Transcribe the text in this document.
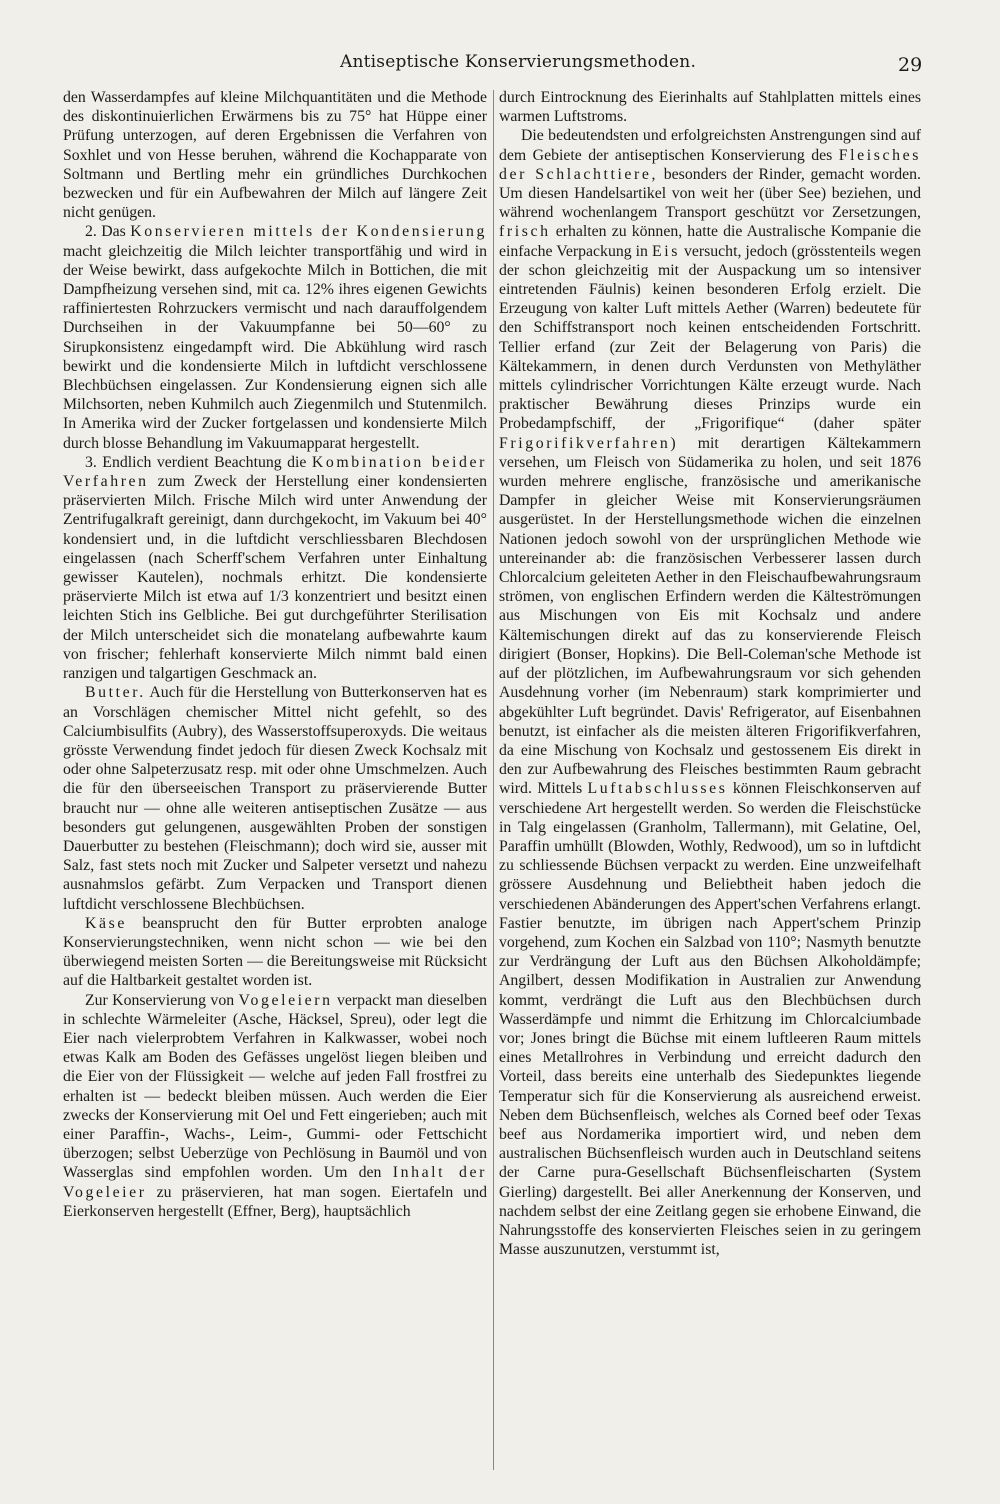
Antiseptische Konservierungsmethoden.	29

den Wasserdampfes auf kleine Milchquantitäten und die Methode des diskontinuierlichen Erwärmens bis zu 75° hat Hüppe einer Prüfung unterzogen, auf deren Ergebnissen die Verfahren von Soxhlet und von Hesse beruhen, während die Kochapparate von Soltmann und Bertling mehr ein gründliches Durchkochen bezwecken und für ein Aufbewahren der Milch auf längere Zeit nicht genügen.

2. Das Konservieren mittels der Kondensierung macht gleichzeitig die Milch leichter transportfähig und wird in der Weise bewirkt, dass aufgekochte Milch in Bottichen, die mit Dampfheizung versehen sind, mit ca. 12% ihres eigenen Gewichts raffiniertesten Rohrzuckers vermischt und nach darauffolgendem Durchseihen in der Vakuumpfanne bei 50—60° zu Sirupkonsistenz eingedampft wird. Die Abkühlung wird rasch bewirkt und die kondensierte Milch in luftdicht verschlossene Blechbüchsen eingelassen. Zur Kondensierung eignen sich alle Milchsorten, neben Kuhmilch auch Ziegenmilch und Stutenmilch. In Amerika wird der Zucker fortgelassen und kondensierte Milch durch blosse Behandlung im Vakuumapparat hergestellt.

3. Endlich verdient Beachtung die Kombination beider Verfahren zum Zweck der Herstellung einer kondensierten präservierten Milch. Frische Milch wird unter Anwendung der Zentrifugalkraft gereinigt, dann durchgekocht, im Vakuum bei 40° kondensiert und, in die luftdicht verschliessbaren Blechdosen eingelassen (nach Scherff'schem Verfahren unter Einhaltung gewisser Kautelen), nochmals erhitzt. Die kondensierte präservierte Milch ist etwa auf 1/3 konzentriert und besitzt einen leichten Stich ins Gelbliche. Bei gut durchgeführter Sterilisation der Milch unterscheidet sich die monatelang aufbewahrte kaum von frischer; fehlerhaft konservierte Milch nimmt bald einen ranzigen und talgartigen Geschmack an.

Butter. Auch für die Herstellung von Butterkonserven hat es an Vorschlägen chemischer Mittel nicht gefehlt, so des Calciumbisulfits (Aubry), des Wasserstoffsuperoxyds. Die weitaus grösste Verwendung findet jedoch für diesen Zweck Kochsalz mit oder ohne Salpeterzusatz resp. mit oder ohne Umschmelzen. Auch die für den überseeischen Transport zu präservierende Butter braucht nur — ohne alle weiteren antiseptischen Zusätze — aus besonders gut gelungenen, ausgewählten Proben der sonstigen Dauerbutter zu bestehen (Fleischmann); doch wird sie, ausser mit Salz, fast stets noch mit Zucker und Salpeter versetzt und nahezu ausnahmslos gefärbt. Zum Verpacken und Transport dienen luftdicht verschlossene Blechbüchsen.

Käse beansprucht den für Butter erprobten analoge Konservierungstechniken, wenn nicht schon — wie bei den überwiegend meisten Sorten — die Bereitungsweise mit Rücksicht auf die Haltbarkeit gestaltet worden ist.

Zur Konservierung von Vogeleiern verpackt man dieselben in schlechte Wärmeleiter (Asche, Häcksel, Spreu), oder legt die Eier nach vielerprobtem Verfahren in Kalkwasser, wobei noch etwas Kalk am Boden des Gefässes ungelöst liegen bleiben und die Eier von der Flüssigkeit — welche auf jeden Fall frostfrei zu erhalten ist — bedeckt bleiben müssen. Auch werden die Eier zwecks der Konservierung mit Oel und Fett eingerieben; auch mit einer Paraffin-, Wachs-, Leim-, Gummi- oder Fettschicht überzogen; selbst Ueberzüge von Pechlösung in Baumöl und von Wasserglas sind empfohlen worden. Um den Inhalt der Vogeleier zu präservieren, hat man sogen. Eiertafeln und Eierkonserven hergestellt (Effner, Berg), hauptsächlich

durch Eintrocknung des Eierinhalts auf Stahlplatten mittels eines warmen Luftstroms.

Die bedeutendsten und erfolgreichsten Anstrengungen sind auf dem Gebiete der antiseptischen Konservierung des Fleisches der Schlachttiere, besonders der Rinder, gemacht worden. Um diesen Handelsartikel von weit her (über See) beziehen, und während wochenlangem Transport geschützt vor Zersetzungen, frisch erhalten zu können, hatte die Australische Kompanie die einfache Verpackung in Eis versucht, jedoch (grösstenteils wegen der schon gleichzeitig mit der Auspackung um so intensiver eintretenden Fäulnis) keinen besonderen Erfolg erzielt. Die Erzeugung von kalter Luft mittels Aether (Warren) bedeutete für den Schiffstransport noch keinen entscheidenden Fortschritt. Tellier erfand (zur Zeit der Belagerung von Paris) die Kältekammern, in denen durch Verdunsten von Methyläther mittels cylindrischer Vorrichtungen Kälte erzeugt wurde. Nach praktischer Bewährung dieses Prinzips wurde ein Probedampfschiff, der „Frigorifique“ (daher später Frigorifikverfahren) mit derartigen Kältekammern versehen, um Fleisch von Südamerika zu holen, und seit 1876 wurden mehrere englische, französische und amerikanische Dampfer in gleicher Weise mit Konservierungsräumen ausgerüstet. In der Herstellungsmethode wichen die einzelnen Nationen jedoch sowohl von der ursprünglichen Methode wie untereinander ab: die französischen Verbesserer lassen durch Chlorcalcium geleiteten Aether in den Fleischaufbewahrungsraum strömen, von englischen Erfindern werden die Kälteströmungen aus Mischungen von Eis mit Kochsalz und andere Kältemischungen direkt auf das zu konservierende Fleisch dirigiert (Bonser, Hopkins). Die Bell-Coleman'sche Methode ist auf der plötzlichen, im Aufbewahrungsraum vor sich gehenden Ausdehnung vorher (im Nebenraum) stark komprimierter und abgekühlter Luft begründet. Davis' Refrigerator, auf Eisenbahnen benutzt, ist einfacher als die meisten älteren Frigorifikverfahren, da eine Mischung von Kochsalz und gestossenem Eis direkt in den zur Aufbewahrung des Fleisches bestimmten Raum gebracht wird. Mittels Luftabschlusses können Fleischkonserven auf verschiedene Art hergestellt werden. So werden die Fleischstücke in Talg eingelassen (Granholm, Tallermann), mit Gelatine, Oel, Paraffin umhüllt (Blowden, Wothly, Redwood), um so in luftdicht zu schliessende Büchsen verpackt zu werden. Eine unzweifelhaft grössere Ausdehnung und Beliebtheit haben jedoch die verschiedenen Abänderungen des Appert'schen Verfahrens erlangt. Fastier benutzte, im übrigen nach Appert'schem Prinzip vorgehend, zum Kochen ein Salzbad von 110°; Nasmyth benutzte zur Verdrängung der Luft aus den Büchsen Alkoholdämpfe; Angilbert, dessen Modifikation in Australien zur Anwendung kommt, verdrängt die Luft aus den Blechbüchsen durch Wasserdämpfe und nimmt die Erhitzung im Chlorcalciumbade vor; Jones bringt die Büchse mit einem luftleeren Raum mittels eines Metallrohres in Verbindung und erreicht dadurch den Vorteil, dass bereits eine unterhalb des Siedepunktes liegende Temperatur sich für die Konservierung als ausreichend erweist. Neben dem Büchsenfleisch, welches als Corned beef oder Texas beef aus Nordamerika importiert wird, und neben dem australischen Büchsenfleisch wurden auch in Deutschland seitens der Carne pura-Gesellschaft Büchsenfleischarten (System Gierling) dargestellt. Bei aller Anerkennung der Konserven, und nachdem selbst der eine Zeitlang gegen sie erhobene Einwand, die Nahrungsstoffe des konservierten Fleisches seien in zu geringem Masse auszunutzen, verstummt ist,
